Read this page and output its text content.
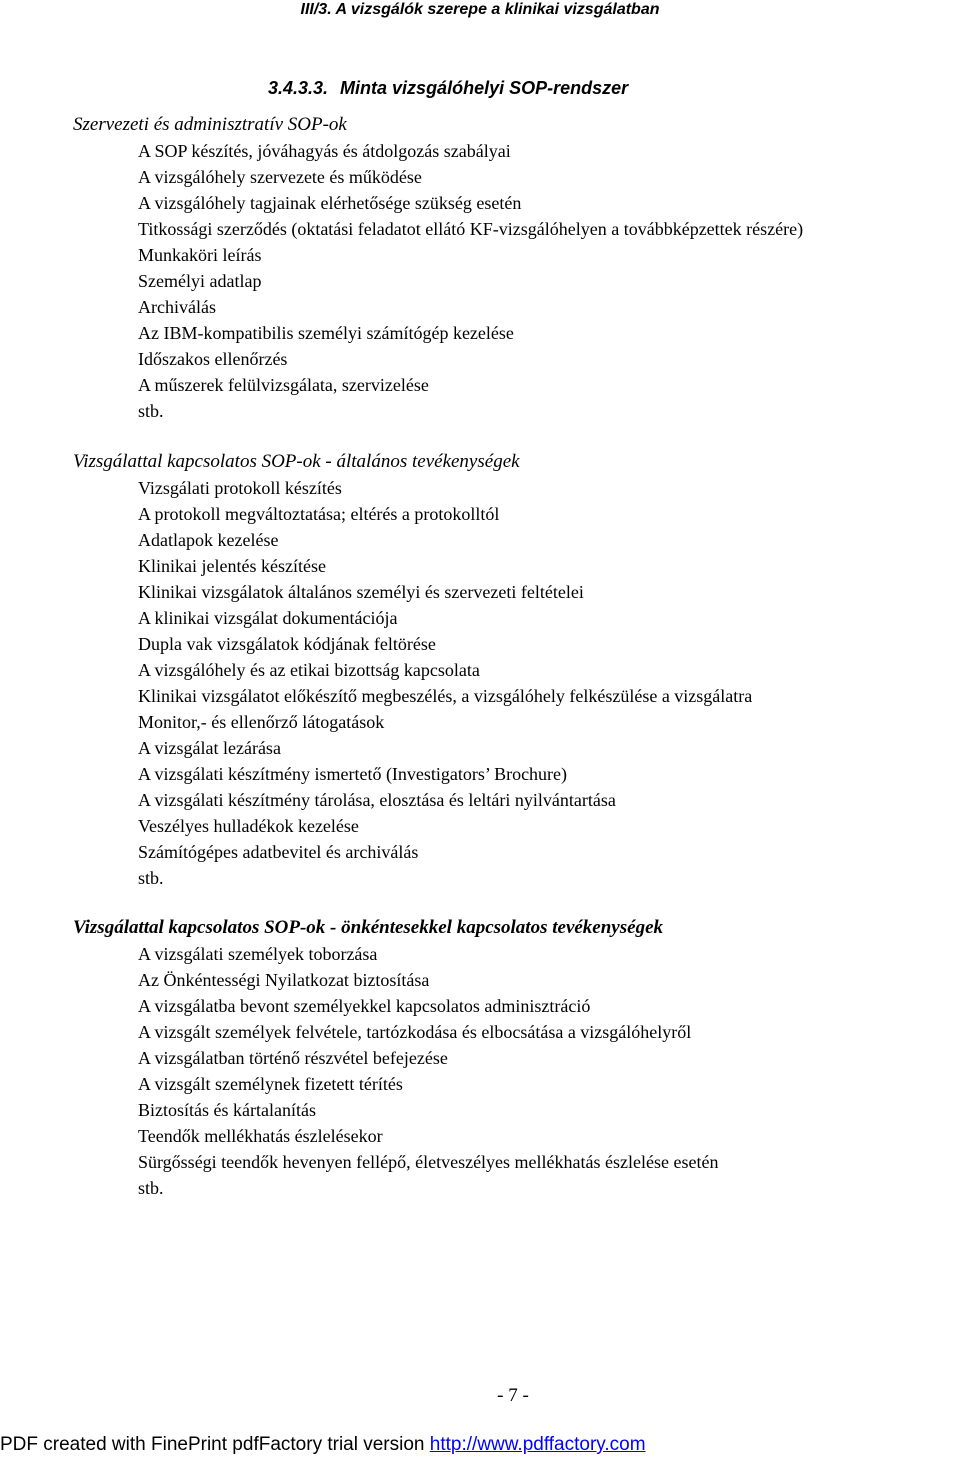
III/3. A vizsgálók szerepe a klinikai vizsgálatban
3.4.3.3. Minta vizsgálóhelyi SOP-rendszer
Szervezeti és adminisztratív SOP-ok
A SOP készítés, jóváhagyás és átdolgozás szabályai
A vizsgálóhely szervezete és működése
A vizsgálóhely tagjainak elérhetősége szükség esetén
Titkossági szerződés (oktatási feladatot ellátó KF-vizsgálóhelyen a továbbképzettek részére)
Munkaköri leírás
Személyi adatlap
Archiválás
Az IBM-kompatibilis személyi számítógép kezelése
Időszakos ellenőrzés
A műszerek felülvizsgálata, szervizelése
stb.
Vizsgálattal kapcsolatos SOP-ok - általános tevékenységek
Vizsgálati protokoll készítés
A protokoll megváltoztatása; eltérés a protokolltól
Adatlapok kezelése
Klinikai jelentés készítése
Klinikai vizsgálatok általános személyi és szervezeti feltételei
A klinikai vizsgálat dokumentációja
Dupla vak vizsgálatok kódjának feltörése
A vizsgálóhely és az etikai bizottság kapcsolata
Klinikai vizsgálatot előkészítő megbeszélés, a vizsgálóhely felkészülése a vizsgálatra
Monitor,- és ellenőrző látogatások
A vizsgálat lezárása
A vizsgálati készítmény ismertető (Investigators’ Brochure)
A vizsgálati készítmény tárolása, elosztása és leltári nyilvántartása
Veszélyes hulladékok kezelése
Számítógépes adatbevitel és archiválás
stb.
Vizsgálattal kapcsolatos SOP-ok - önkéntesekkel kapcsolatos tevékenységek
A vizsgálati személyek toborzása
Az Önkéntességi Nyilatkozat biztosítása
A vizsgálatba bevont személyekkel kapcsolatos adminisztráció
A vizsgált személyek felvétele, tartózkodása és elbocsátása a vizsgálóhelyről
A vizsgálatban történő részvétel befejezése
A vizsgált személynek fizetett térítés
Biztosítás és kártalanítás
Teendők mellékhatás észlelésekor
Sürgősségi teendők hevenyen fellépő, életveszélyes mellékhatás észlelése esetén
stb.
- 7 -
PDF created with FinePrint pdfFactory trial version http://www.pdffactory.com
